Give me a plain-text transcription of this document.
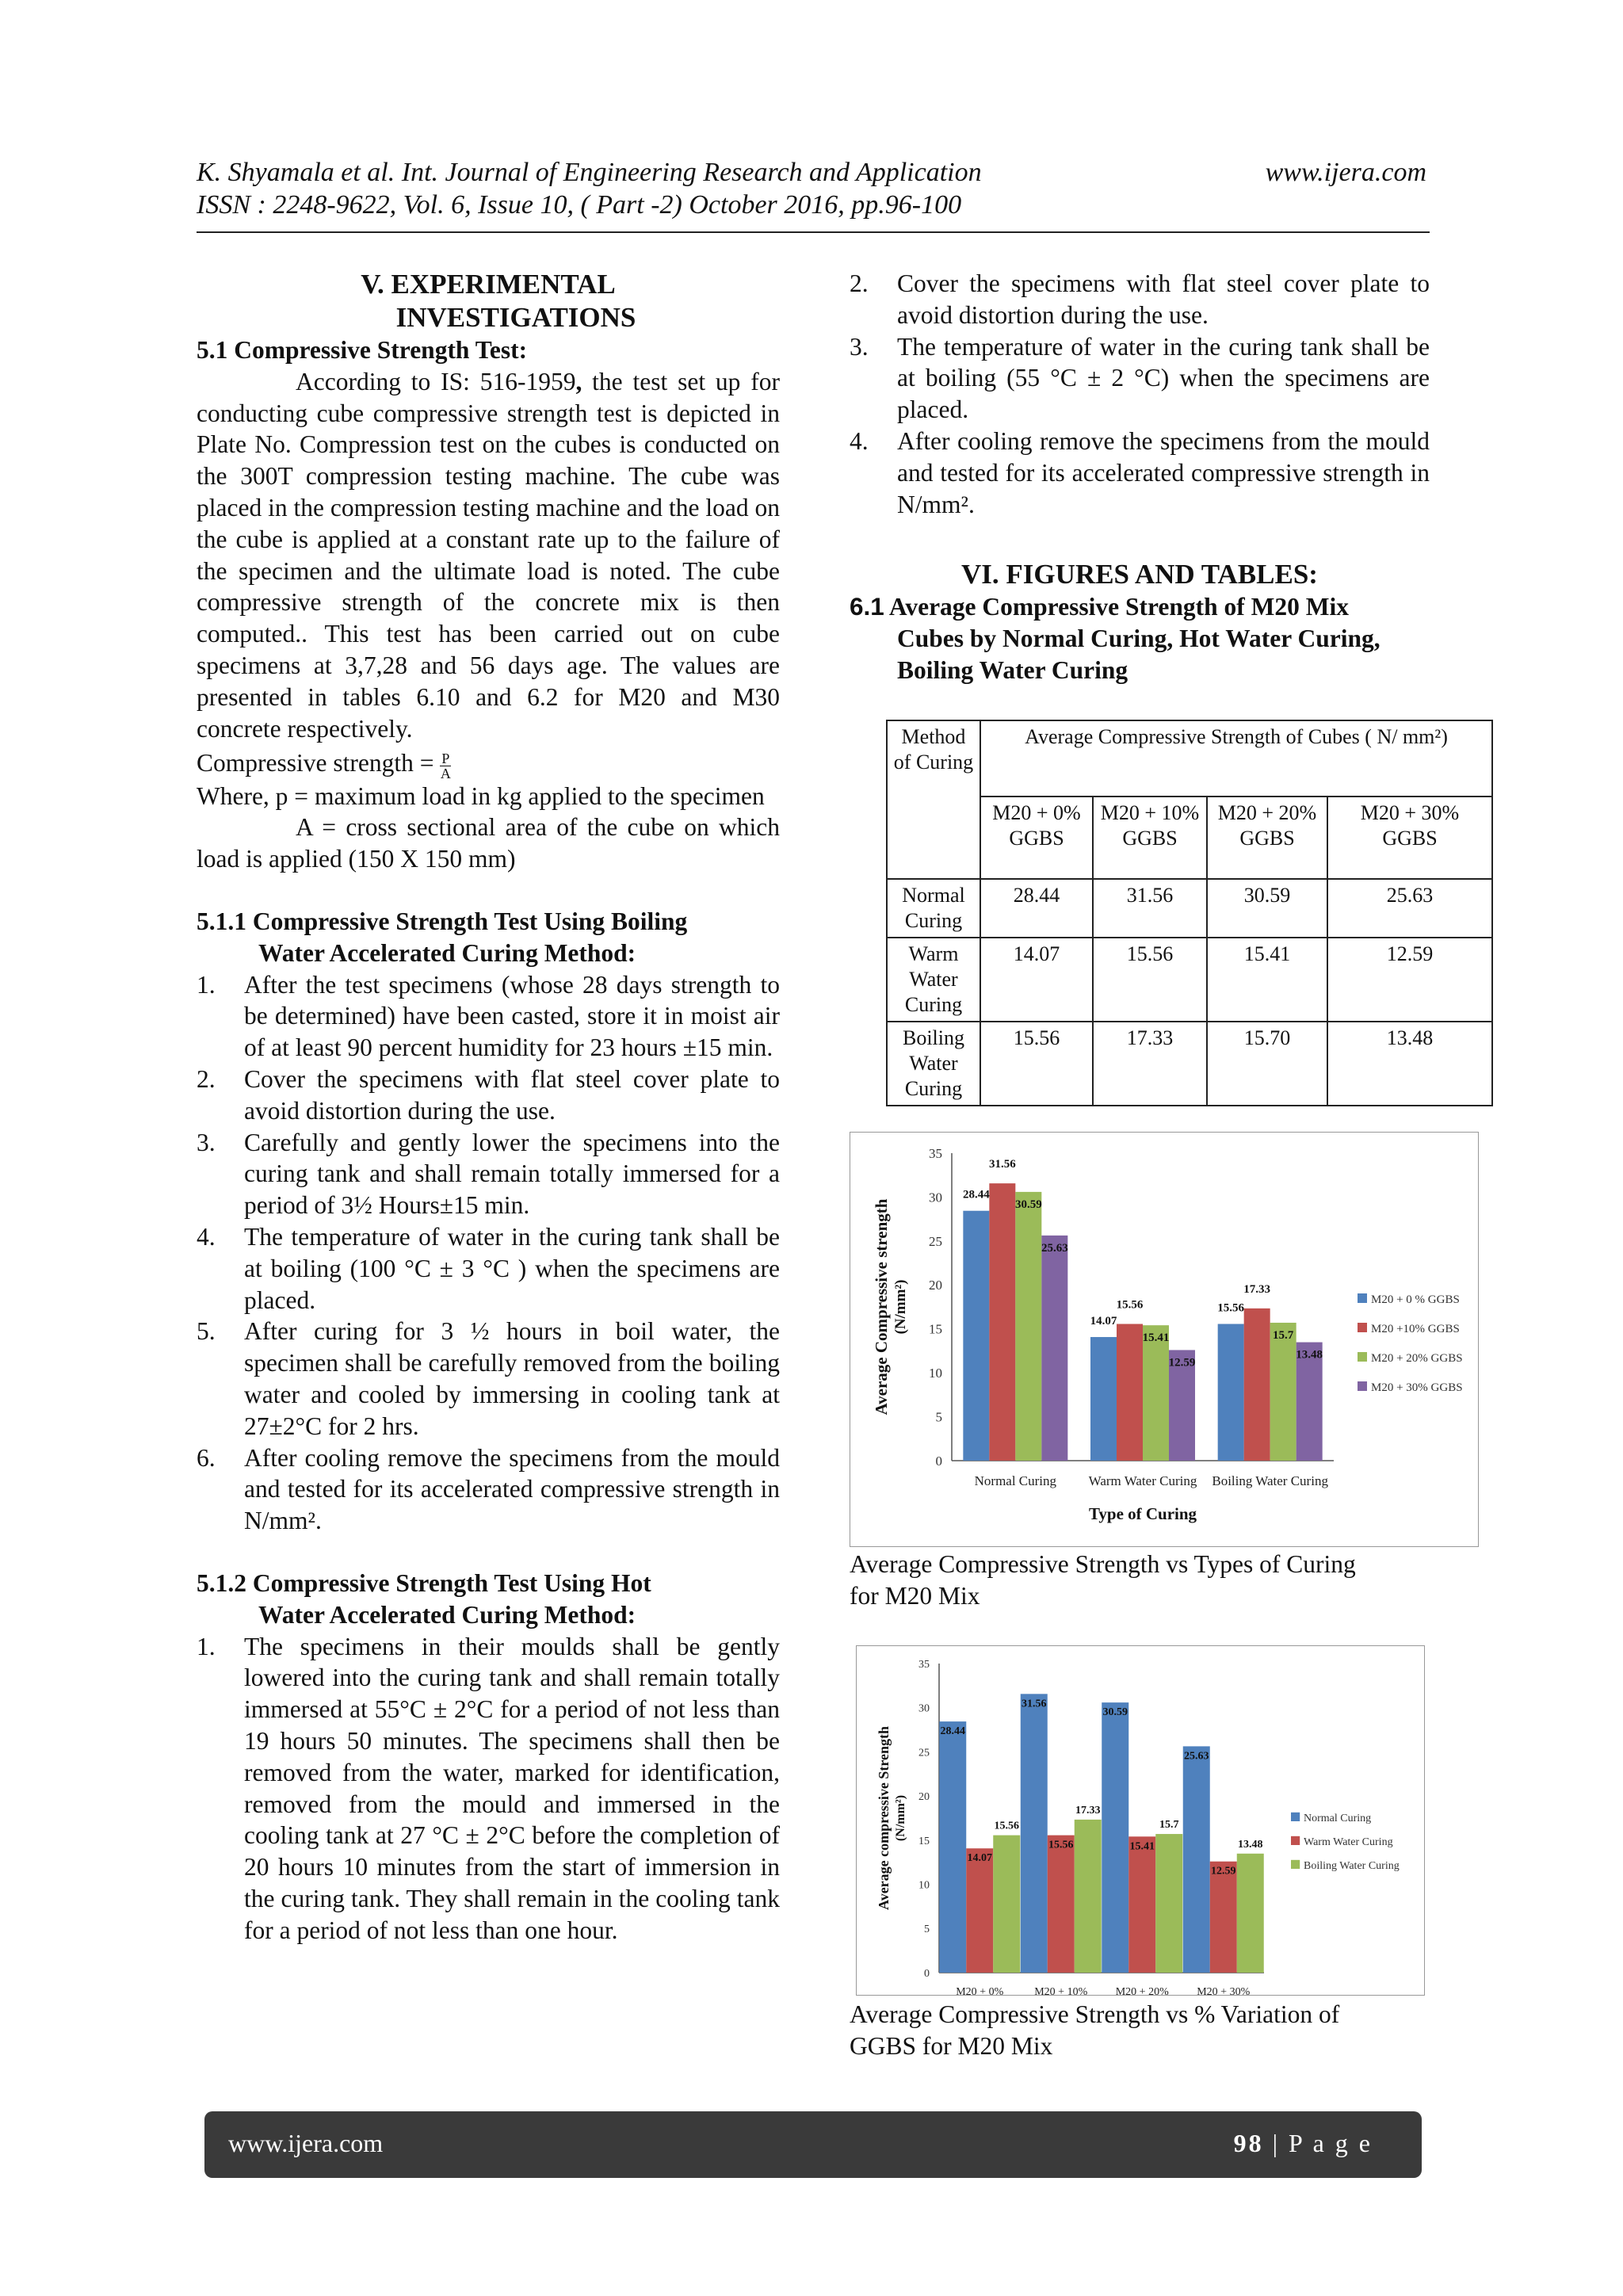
K. Shyamala et al. Int. Journal of Engineering Research and Application	www.ijera.com
ISSN : 2248-9622, Vol. 6, Issue 10, ( Part -2) October 2016, pp.96-100

V. EXPERIMENTAL

INVESTIGATIONS

5.1 Compressive Strength Test:

According to IS: 516-1959, the test set up for conducting cube compressive strength test is depicted in Plate No. Compression test on the cubes is conducted on the 300T compression testing machine. The cube was placed in the compression testing machine and the load on the cube is applied at a constant rate up to the failure of the specimen and the ultimate load is noted. The cube compressive strength of the concrete mix is then computed.. This test has been carried out on cube specimens at 3,7,28 and 56 days age. The values are presented in tables 6.10 and 6.2 for M20 and M30 concrete respectively.

Compressive strength = $\frac{P}{A}$

Where, p = maximum load in kg applied to the specimen

A = cross sectional area of the cube on which load is applied (150 X 150 mm)

5.1.1 Compressive Strength Test Using Boiling

Water Accelerated Curing Method:

1. After the test specimens (whose 28 days strength to be determined) have been casted, store it in moist air of at least 90 percent humidity for 23 hours ±15 min.
2. Cover the specimens with flat steel cover plate to avoid distortion during the use.
3. Carefully and gently lower the specimens into the curing tank and shall remain totally immersed for a period of 3½ Hours±15 min.
4. The temperature of water in the curing tank shall be at boiling (100 °C ± 3 °C ) when the specimens are placed.
5. After curing for 3 ½ hours in boil water, the specimen shall be carefully removed from the boiling water and cooled by immersing in cooling tank at 27±2°C for 2 hrs.
6. After cooling remove the specimens from the mould and tested for its accelerated compressive strength in N/mm².

5.1.2 Compressive Strength Test Using Hot

Water Accelerated Curing Method:

1. The specimens in their moulds shall be gently lowered into the curing tank and shall remain totally immersed at 55°C ± 2°C for a period of not less than 19 hours 50 minutes. The specimens shall then be removed from the water, marked for identification, removed from the mould and immersed in the cooling tank at 27 °C ± 2°C before the completion of 20 hours 10 minutes from the start of immersion in the curing tank. They shall remain in the cooling tank for a period of not less than one hour.
2. Cover the specimens with flat steel cover plate to avoid distortion during the use.
3. The temperature of water in the curing tank shall be at boiling (55 °C ± 2 °C) when the specimens are placed.
4. After cooling remove the specimens from the mould and tested for its accelerated compressive strength in N/mm².

VI. FIGURES AND TABLES:

6.1 Average Compressive Strength of M20 Mix

Cubes by Normal Curing, Hot Water Curing,

Boiling Water Curing

Method of Curing	Average Compressive Strength of Cubes ( N/ mm²)			
	M20 + 0% GGBS	M20 + 10% GGBS	M20 + 20% GGBS	M20 + 30% GGBS
Normal Curing	28.44	31.56	30.59	25.63
Warm Water Curing	14.07	15.56	15.41	12.59
Boiling Water Curing	15.56	17.33	15.70	13.48
0
5
10
15
20
25
30
35
28.44
31.56
30.59
25.63
Normal Curing
14.07
15.56
15.41
12.59
Warm Water Curing
15.56
17.33
15.7
13.48
Boiling Water Curing
Type of Curing
Average Compressive strength (N/mm²)	M20 + 0 % GGBS
M20 +10% GGBS
M20 + 20% GGBS
M20 + 30% GGBS

Average Compressive Strength vs Types of Curing

for M20 Mix

0
5
10
15
20
25
30
35
28.44
14.07
15.56
M20 + 0%
31.56
15.56
17.33
M20 + 10%
30.59
15.41
15.7
M20 + 20%
25.63
12.59
13.48
M20 + 30%
Average compressive Strength (N/mm²)	Normal Curing
Warm Water Curing
Boiling Water Curing

Average Compressive Strength vs % Variation of

GGBS for M20 Mix

www.ijera.com	98 | P a g e
